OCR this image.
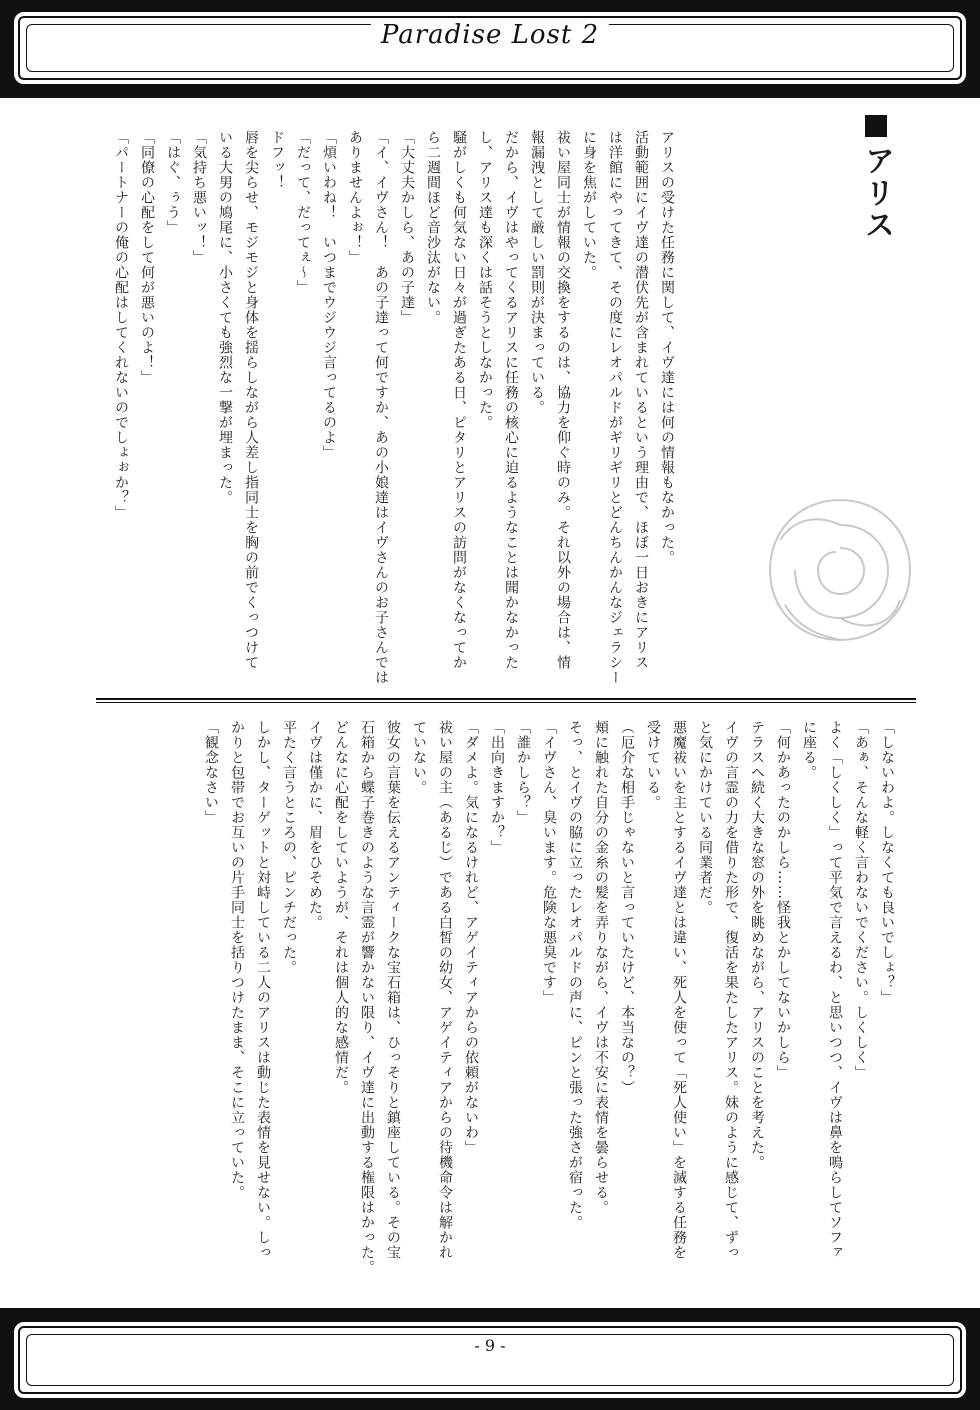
Paradise Lost 2
アリス
アリスの受けた任務に関して、イヴ達には何の情報もなかった。
活動範囲にイヴ達の潜伏先が含まれているという理由で、ほぼ一日おきにアリス
は洋館にやってきて、その度にレオパルドがギリギリとどんちんかんなジェラシー
に身を焦がしていた。
祓い屋同士が情報の交換をするのは、協力を仰ぐ時のみ。それ以外の場合は、情
報漏洩として厳しい罰則が決まっている。
だから、イヴはやってくるアリスに任務の核心に迫るようなことは聞かなかった
し、アリス達も深くは話そうとしなかった。
騒がしくも何気ない日々が過ぎたある日、ピタリとアリスの訪問がなくなってか
ら二週間ほど音沙汰がない。
「大丈夫かしら、あの子達」
「イ、イヴさん！　あの子達って何ですか、あの小娘達はイヴさんのお子さんでは
ありませんよぉ！」
「煩いわね！　いつまでウジウジ言ってるのよ」
「だって、だってぇ～」
ドフッ！
唇を尖らせ、モジモジと身体を揺らしながら人差し指同士を胸の前でくっつけて
いる大男の鳩尾に、小さくても強烈な一撃が埋まった。
「気持ち悪いッ！」
「はぐ、ぅう」
「同僚の心配をして何が悪いのよ！」
「パートナーの俺の心配はしてくれないのでしょぉか？」
「しないわよ。しなくても良いでしょ？」
「あぁ、そんな軽く言わないでください。しくしく」
よく「しくしく」って平気で言えるわ、と思いつつ、イヴは鼻を鳴らしてソファ
に座る。
「何かあったのかしら……怪我とかしてないかしら」
テラスへ続く大きな窓の外を眺めながら、アリスのことを考えた。
イヴの言霊の力を借りた形で、復活を果たしたアリス。妹のように感じて、ずっ
と気にかけている同業者だ。
悪魔祓いを主とするイヴ達とは違い、死人を使って「死人使い」を滅する任務を
受けている。
（厄介な相手じゃないと言っていたけど、本当なの？）
頬に触れた自分の金糸の髪を弄りながら、イヴは不安に表情を曇らせる。
そっ、とイヴの脇に立ったレオパルドの声に、ピンと張った強さが宿った。
「イヴさん、臭います。危険な悪臭です」
「誰かしら？」
「出向きますか？」
「ダメよ。気になるけれど、アゲイティアからの依頼がないわ」
祓い屋の主（あるじ）である白皙の幼女、アゲイティアからの待機命令は解かれ
ていない。
彼女の言葉を伝えるアンティークな宝石箱は、ひっそりと鎮座している。その宝
石箱から蝶子巻きのような言霊が響かない限り、イヴ達に出動する権限はかった。
どんなに心配をしていようが、それは個人的な感情だ。
イヴは僅かに、眉をひそめた。
平たく言うところの、ピンチだった。
しかし、ターゲットと対峙している二人のアリスは動じた表情を見せない。しっ
かりと包帯でお互いの片手同士を括りつけたまま、そこに立っていた。
「観念なさい」
- 9 -
